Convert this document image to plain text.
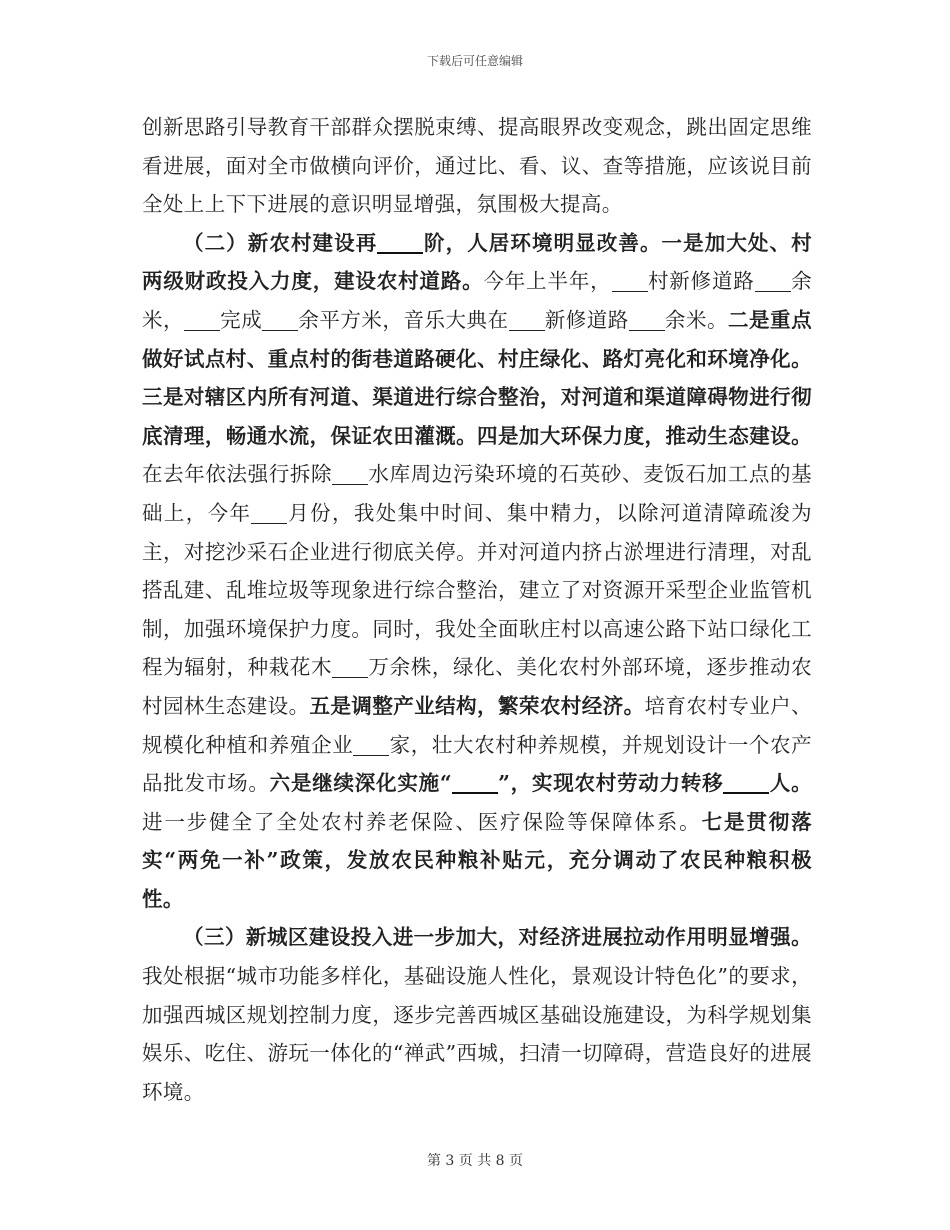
下载后可任意编辑

创新思路引导教育干部群众摆脱束缚、提高眼界改变观念，跳出固定思维看进展，面对全市做横向评价，通过比、看、议、查等措施，应该说目前全处上上下下进展的意识明显增强，氛围极大提高。

（二）新农村建设再 阶，人居环境明显改善。一是加大处、村两级财政投入力度，建设农村道路。今年上半年， 村新修道路 余米， 完成 余平方米，音乐大典在 新修道路 余米。二是重点做好试点村、重点村的街巷道路硬化、村庄绿化、路灯亮化和环境净化。三是对辖区内所有河道、渠道进行综合整治，对河道和渠道障碍物进行彻底清理，畅通水流，保证农田灌溉。四是加大环保力度，推动生态建设。在去年依法强行拆除 水库周边污染环境的石英砂、麦饭石加工点的基础上，今年 月份，我处集中时间、集中精力，以除河道清障疏浚为主，对挖沙采石企业进行彻底关停。并对河道内挤占淤埋进行清理，对乱搭乱建、乱堆垃圾等现象进行综合整治，建立了对资源开采型企业监管机制，加强环境保护力度。同时，我处全面耿庄村以高速公路下站口绿化工程为辐射，种栽花木 万余株，绿化、美化农村外部环境，逐步推动农村园林生态建设。五是调整产业结构，繁荣农村经济。培育农村专业户、规模化种植和养殖企业 家，壮大农村种养规模，并规划设计一个农产品批发市场。六是继续深化实施“ ”，实现农村劳动力转移 人。进一步健全了全处农村养老保险、医疗保险等保障体系。七是贯彻落实“两免一补”政策，发放农民种粮补贴元，充分调动了农民种粮积极性。

（三）新城区建设投入进一步加大，对经济进展拉动作用明显增强。我处根据“城市功能多样化，基础设施人性化，景观设计特色化”的要求，加强西城区规划控制力度，逐步完善西城区基础设施建设，为科学规划集娱乐、吃住、游玩一体化的“禅武”西城，扫清一切障碍，营造良好的进展环境。

第 3 页 共 8 页
